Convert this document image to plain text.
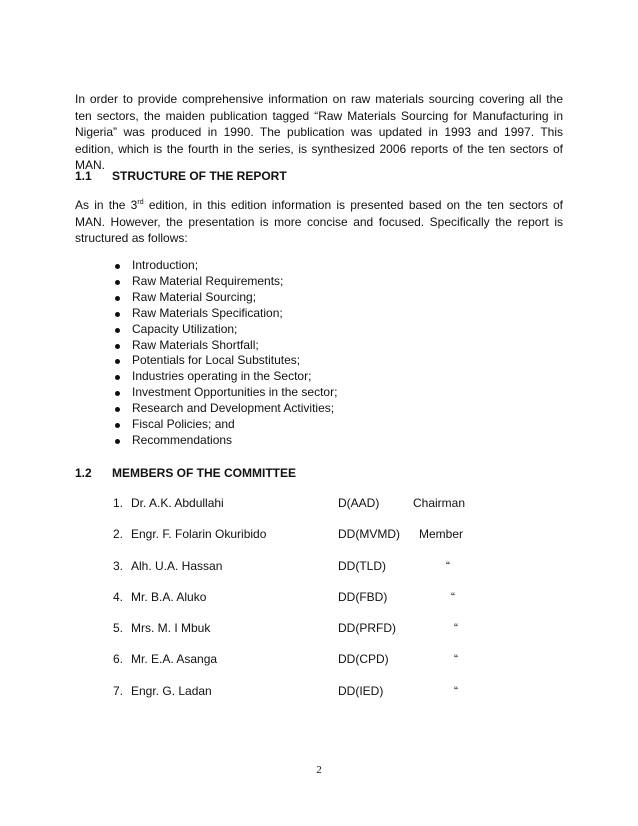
In order to provide comprehensive information on raw materials sourcing covering all the ten sectors, the maiden publication tagged “Raw Materials Sourcing for Manufacturing in Nigeria” was produced in 1990. The publication was updated in 1993 and 1997. This edition, which is the fourth in the series, is synthesized 2006 reports of the ten sectors of MAN.

1.1 STRUCTURE OF THE REPORT

As in the 3rd edition, in this edition information is presented based on the ten sectors of MAN. However, the presentation is more concise and focused. Specifically the report is structured as follows:

Introduction;
Raw Material Requirements;
Raw Material Sourcing;
Raw Materials Specification;
Capacity Utilization;
Raw Materials Shortfall;
Potentials for Local Substitutes;
Industries operating in the Sector;
Investment Opportunities in the sector;
Research and Development Activities;
Fiscal Policies; and
Recommendations
1.2 MEMBERS OF THE COMMITTEE
1. Dr. A.K. Abdullahi	D(AAD)	Chairman
2. Engr. F. Folarin Okuribido	DD(MVMD) Member
3. Alh. U.A. Hassan	DD(TLD)	“
4. Mr. B.A. Aluko	DD(FBD)	“
5. Mrs. M. I Mbuk	DD(PRFD)	“
6. Mr. E.A. Asanga	DD(CPD)	“
7. Engr. G. Ladan	DD(IED)	“
2
